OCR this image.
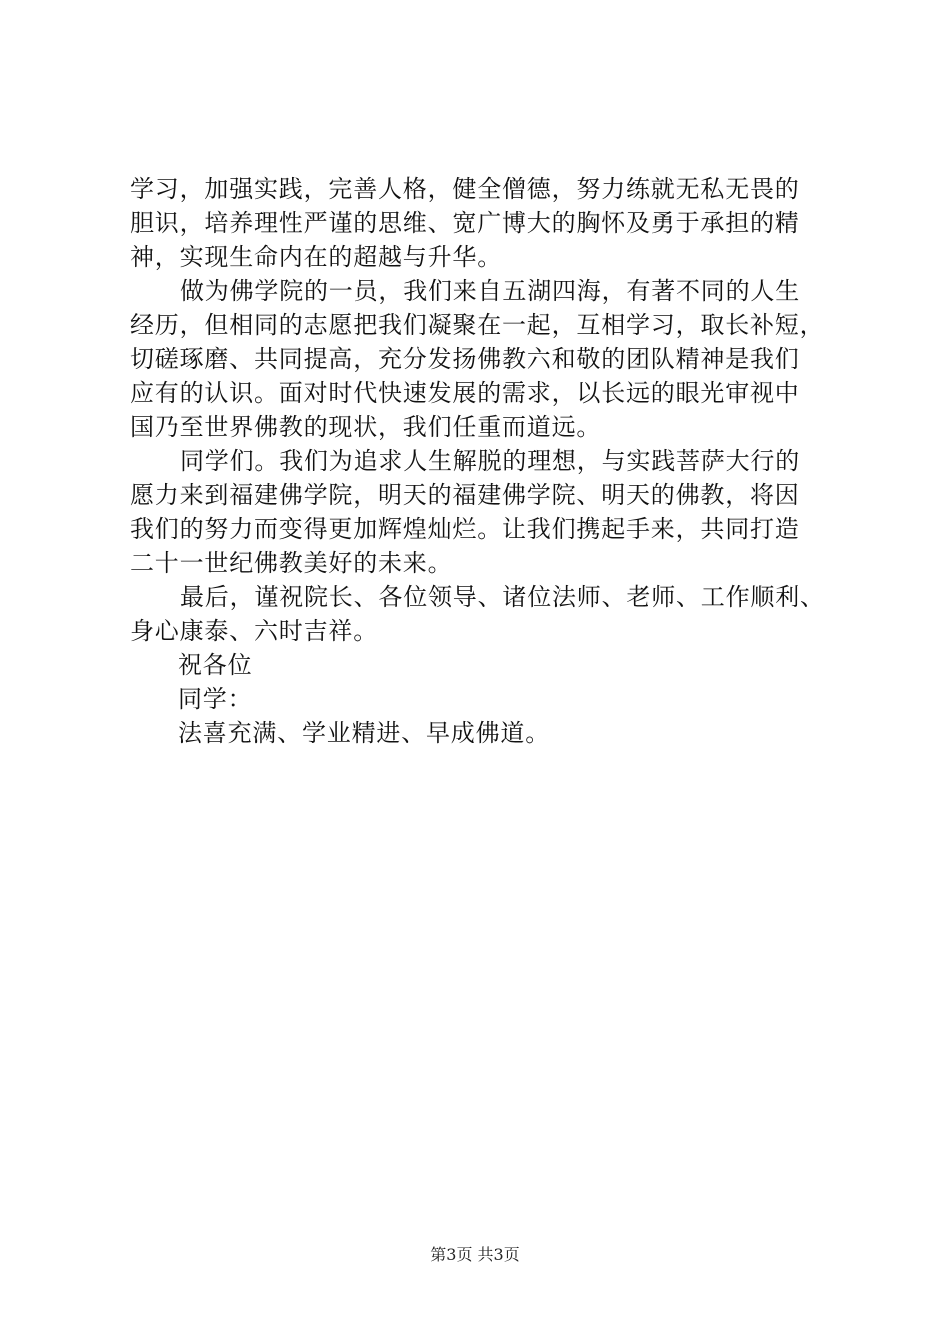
学习，加强实践，完善人格，健全僧德，努力练就无私无畏的
胆识，培养理性严谨的思维、宽广博大的胸怀及勇于承担的精
神，实现生命内在的超越与升华。
做为佛学院的一员，我们来自五湖四海，有著不同的人生
经历，但相同的志愿把我们凝聚在一起，互相学习，取长补短，
切磋琢磨、共同提高，充分发扬佛教六和敬的团队精神是我们
应有的认识。面对时代快速发展的需求，以长远的眼光审视中
国乃至世界佛教的现状，我们任重而道远。
同学们。我们为追求人生解脱的理想，与实践菩萨大行的
愿力来到福建佛学院，明天的福建佛学院、明天的佛教，将因
我们的努力而变得更加辉煌灿烂。让我们携起手来，共同打造
二十一世纪佛教美好的未来。
最后，谨祝院长、各位领导、诸位法师、老师、工作顺利、
身心康泰、六时吉祥。
祝各位
同学：
法喜充满、学业精进、早成佛道。
第3页 共3页
